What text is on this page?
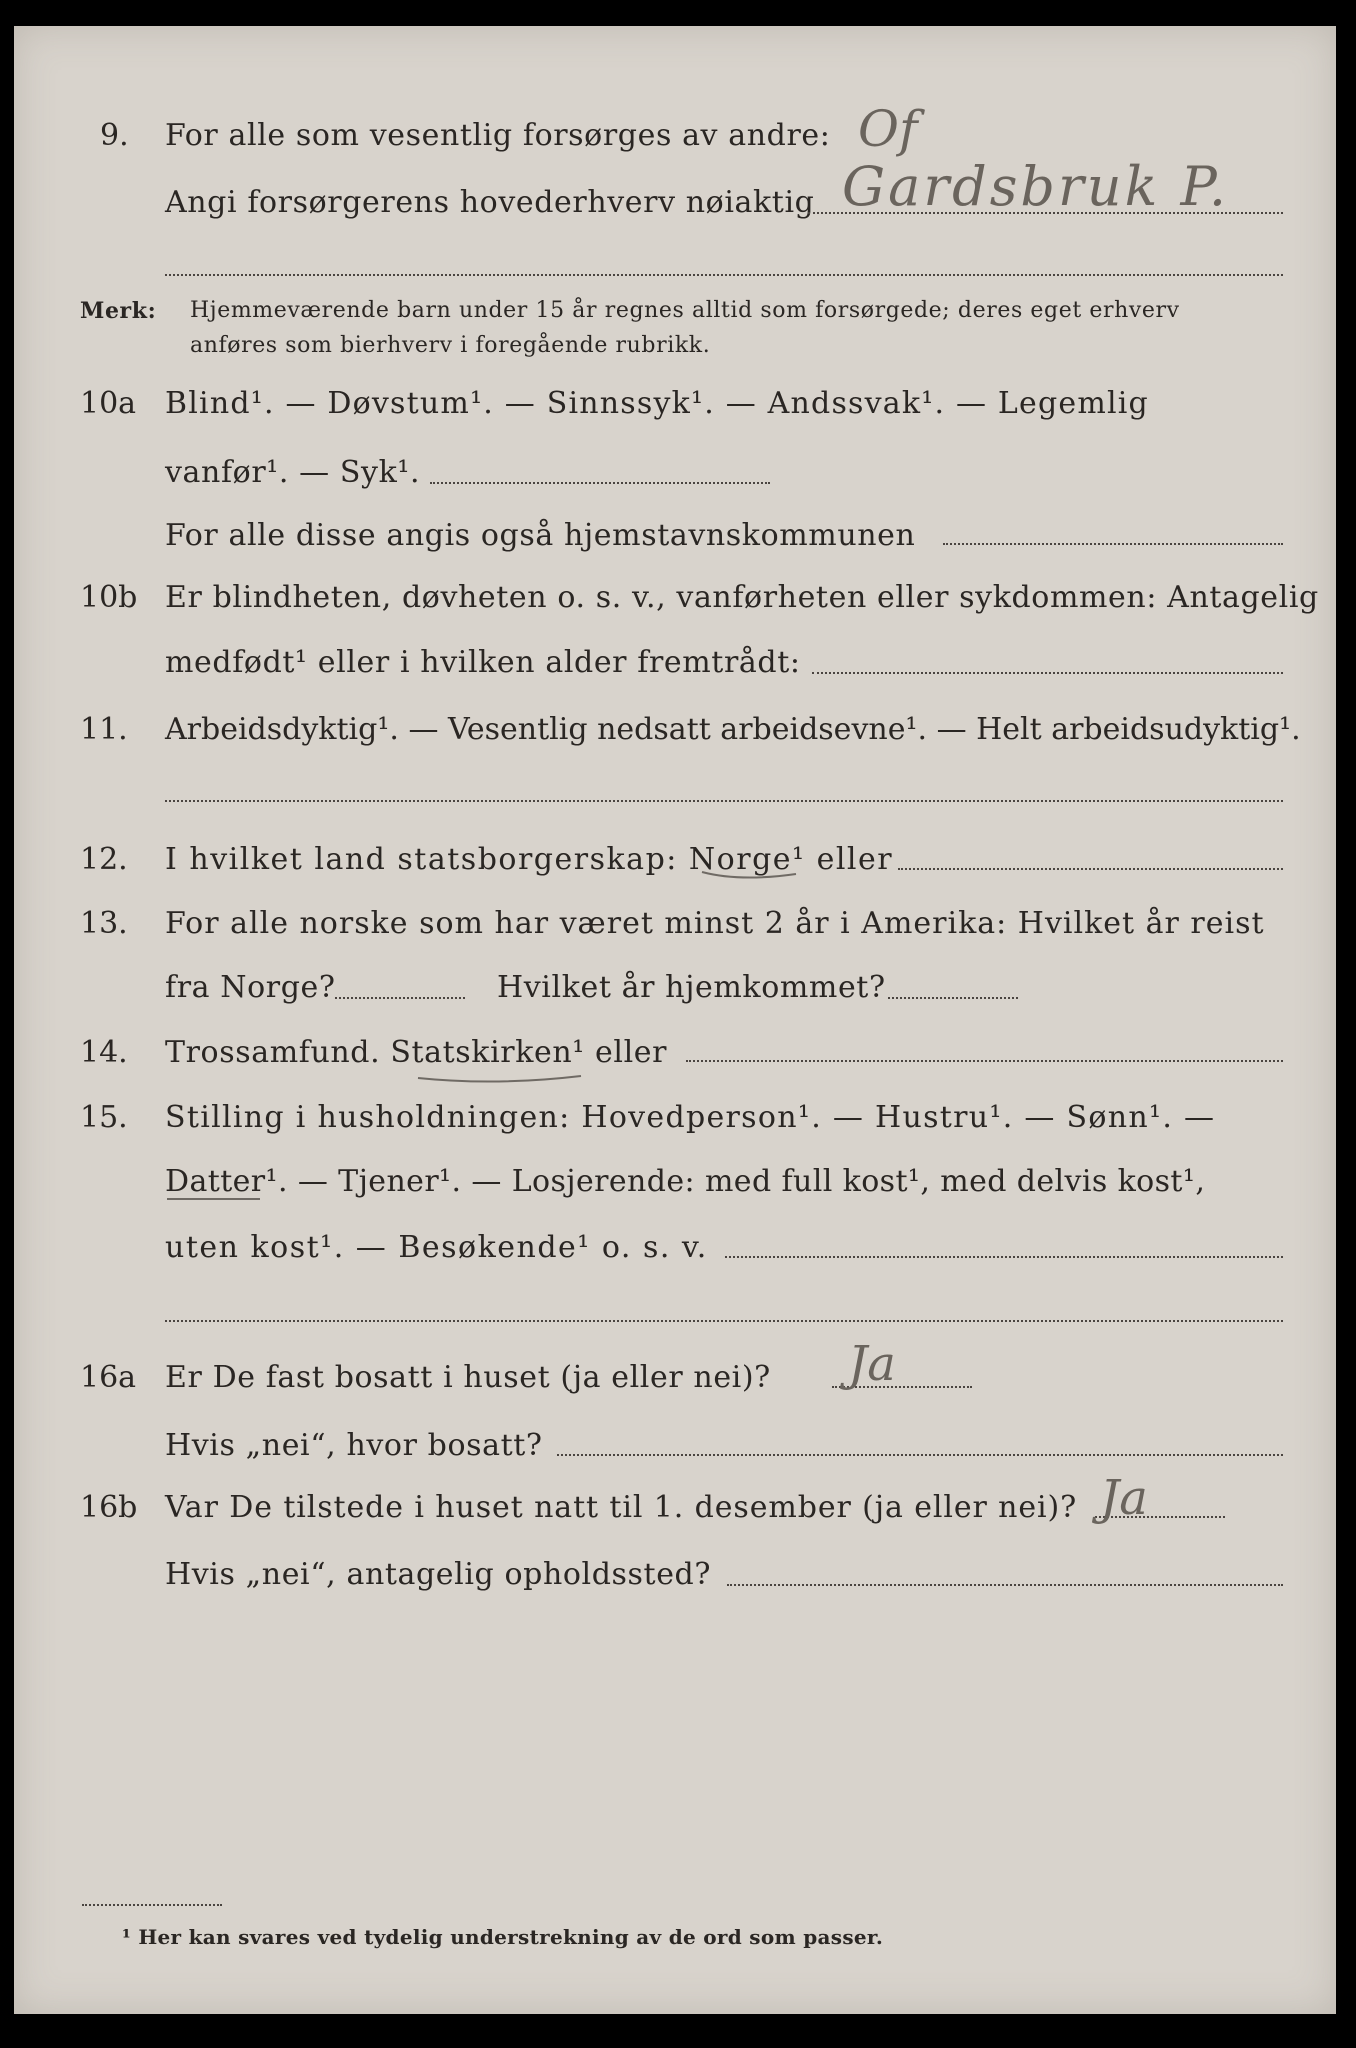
9. For alle som vesentlig forsørges av andre: Of
Angi forsørgerens hovederhverv nøiaktig Gardsbruk P.
Merk: Hjemmeværende barn under 15 år regnes alltid som forsørgede; deres eget erhverv
anføres som bierhverv i foregående rubrikk.
10a Blind¹. — Døvstum¹. — Sinnssyk¹. — Andssvak¹. — Legemlig
vanfør¹. — Syk¹.
For alle disse angis også hjemstavnskommunen
10b Er blindheten, døvheten o. s. v., vanførheten eller sykdommen: Antagelig
medfødt¹ eller i hvilken alder fremtrådt:
11. Arbeidsdyktig¹. — Vesentlig nedsatt arbeidsevne¹. — Helt arbeidsudyktig¹.
12. I hvilket land statsborgerskap: Norge¹ eller
13. For alle norske som har været minst 2 år i Amerika: Hvilket år reist
fra Norge?	Hvilket år hjemkommet?
14. Trossamfund. Statskirken¹ eller
15. Stilling i husholdningen: Hovedperson¹. — Hustru¹. — Sønn¹. —
Datter¹. — Tjener¹. — Losjerende: med full kost¹, med delvis kost¹,
uten kost¹. — Besøkende¹ o. s. v.
16a Er De fast bosatt i huset (ja eller nei)? Ja
Hvis „nei“, hvor bosatt?
16b Var De tilstede i huset natt til 1. desember (ja eller nei)? Ja
Hvis „nei“, antagelig opholdssted?
¹ Her kan svares ved tydelig understrekning av de ord som passer.
